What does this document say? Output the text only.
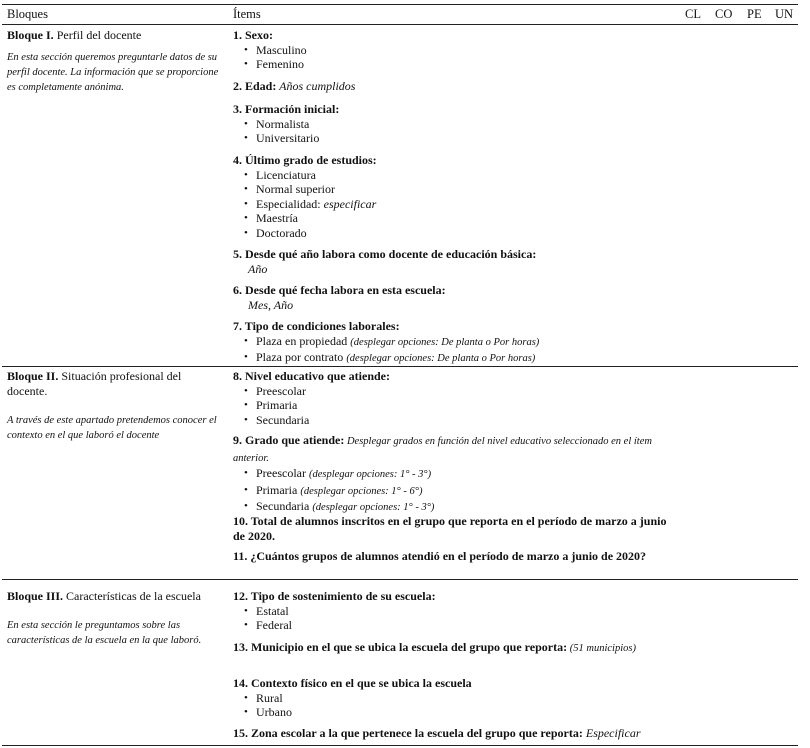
Bloques	Ítems	CL CO PE UN
Bloque I. Perfil del docente
En esta sección queremos preguntarle datos de su perfil docente. La información que se proporcione es completamente anónima.
Bloque II. Situación profesional del docente.
A través de este apartado pretendemos conocer el contexto en el que laboró el docente
Bloque III. Características de la escuela
En esta sección le preguntamos sobre las características de la escuela en la que laboró.
1. Sexo:
• Masculino
• Femenino
2. Edad: Años cumplidos
3. Formación inicial:
• Normalista
• Universitario
4. Último grado de estudios:
• Licenciatura
• Normal superior
• Especialidad: especificar
• Maestría
• Doctorado
5. Desde qué año labora como docente de educación básica:
Año
6. Desde qué fecha labora en esta escuela:
Mes, Año
7. Tipo de condiciones laborales:
• Plaza en propiedad (desplegar opciones: De planta o Por horas)
• Plaza por contrato (desplegar opciones: De planta o Por horas)
8. Nivel educativo que atiende:
• Preescolar
• Primaria
• Secundaria
9. Grado que atiende: Desplegar grados en función del nivel educativo seleccionado en el ítem anterior.
• Preescolar (desplegar opciones: 1° - 3°)
• Primaria (desplegar opciones: 1° - 6°)
• Secundaria (desplegar opciones: 1° - 3°)
10. Total de alumnos inscritos en el grupo que reporta en el período de marzo a junio de 2020.
11. ¿Cuántos grupos de alumnos atendió en el período de marzo a junio de 2020?
12. Tipo de sostenimiento de su escuela:
• Estatal
• Federal
13. Municipio en el que se ubica la escuela del grupo que reporta: (51 municipios)
14. Contexto físico en el que se ubica la escuela
• Rural
• Urbano
15. Zona escolar a la que pertenece la escuela del grupo que reporta: Especificar
